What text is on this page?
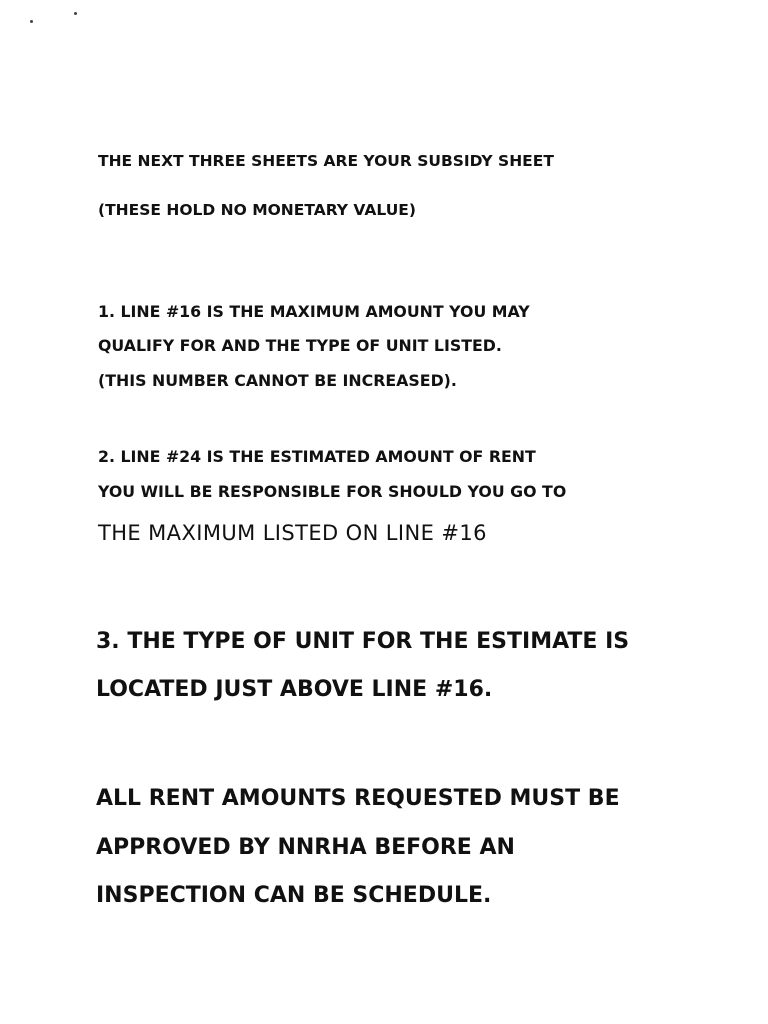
THE NEXT THREE SHEETS ARE YOUR SUBSIDY SHEET
(THESE HOLD NO MONETARY VALUE)
1. LINE #16 IS THE MAXIMUM AMOUNT YOU MAY
QUALIFY FOR AND THE TYPE OF UNIT LISTED.
(THIS NUMBER CANNOT BE INCREASED).
2. LINE #24 IS THE ESTIMATED AMOUNT OF RENT
YOU WILL BE RESPONSIBLE FOR SHOULD YOU GO TO
THE MAXIMUM LISTED ON LINE #16
3. THE TYPE OF UNIT FOR THE ESTIMATE IS
LOCATED JUST ABOVE LINE #16.
ALL RENT AMOUNTS REQUESTED MUST BE
APPROVED BY NNRHA BEFORE AN
INSPECTION CAN BE SCHEDULE.
